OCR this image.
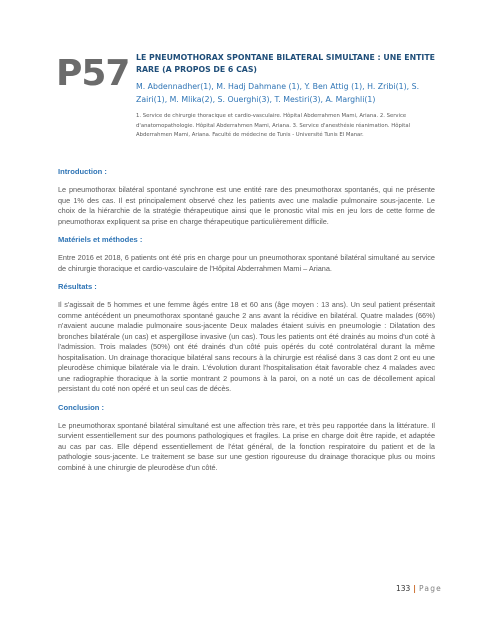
P57 LE PNEUMOTHORAX SPONTANE BILATERAL SIMULTANE : UNE ENTITE RARE (A PROPOS DE 6 CAS)

M. Abdennadher(1), M. Hadj Dahmane (1), Y. Ben Attig (1), H. Zribi(1), S. Zairi(1), M. Mlika(2), S. Ouerghi(3), T. Mestiri(3), A. Marghli(1)
1. Service de chirurgie thoracique et cardio-vasculaire. Hôpital Abderrahmen Mami, Ariana. 2. Service d'anatomopathologie. Hôpital Abderrahmen Mami, Ariana. 3. Service d'anesthésie réanimation. Hôpital Abderrahmen Mami, Ariana. Faculté de médecine de Tunis - Université Tunis El Manar.

Introduction :

Le pneumothorax bilatéral spontané synchrone est une entité rare des pneumothorax spontanés, qui ne présente que 1% des cas. Il est principalement observé chez les patients avec une maladie pulmonaire sous-jacente. Le choix de la hiérarchie de la stratégie thérapeutique ainsi que le pronostic vital mis en jeu lors de cette forme de pneumothorax expliquent sa prise en charge thérapeutique particulièrement difficile.

Matériels et méthodes :

Entre 2016 et 2018, 6 patients ont été pris en charge pour un pneumothorax spontané bilatéral simultané au service de chirurgie thoracique et cardio-vasculaire de l'Hôpital Abderrahmen Mami – Ariana.

Résultats :

Il s'agissait de 5 hommes et une femme âgés entre 18 et 60 ans (âge moyen : 13 ans). Un seul patient présentait comme antécédent un pneumothorax spontané gauche 2 ans avant la récidive en bilatéral. Quatre malades (66%) n'avaient aucune maladie pulmonaire sous-jacente Deux malades étaient suivis en pneumologie : Dilatation des bronches bilatérale (un cas) et aspergillose invasive (un cas). Tous les patients ont été drainés au moins d'un coté à l'admission. Trois malades (50%) ont été drainés d'un côté puis opérés du coté controlatéral durant la même hospitalisation. Un drainage thoracique bilatéral sans recours à la chirurgie est réalisé dans 3 cas dont 2 ont eu une pleurodèse chimique bilatérale via le drain. L'évolution durant l'hospitalisation était favorable chez 4 malades avec une radiographie thoracique à la sortie montrant 2 poumons à la paroi, on a noté un cas de décollement apical persistant du coté non opéré et un seul cas de décès.

Conclusion :

Le pneumothorax spontané bilatéral simultané est une affection très rare, et très peu rapportée dans la littérature. Il survient essentiellement sur des poumons pathologiques et fragiles. La prise en charge doit être rapide, et adaptée au cas par cas. Elle dépend essentiellement de l'état général, de la fonction respiratoire du patient et de la pathologie sous-jacente. Le traitement se base sur une gestion rigoureuse du drainage thoracique plus ou moins combiné à une chirurgie de pleurodèse d'un côté.

133 | Page
